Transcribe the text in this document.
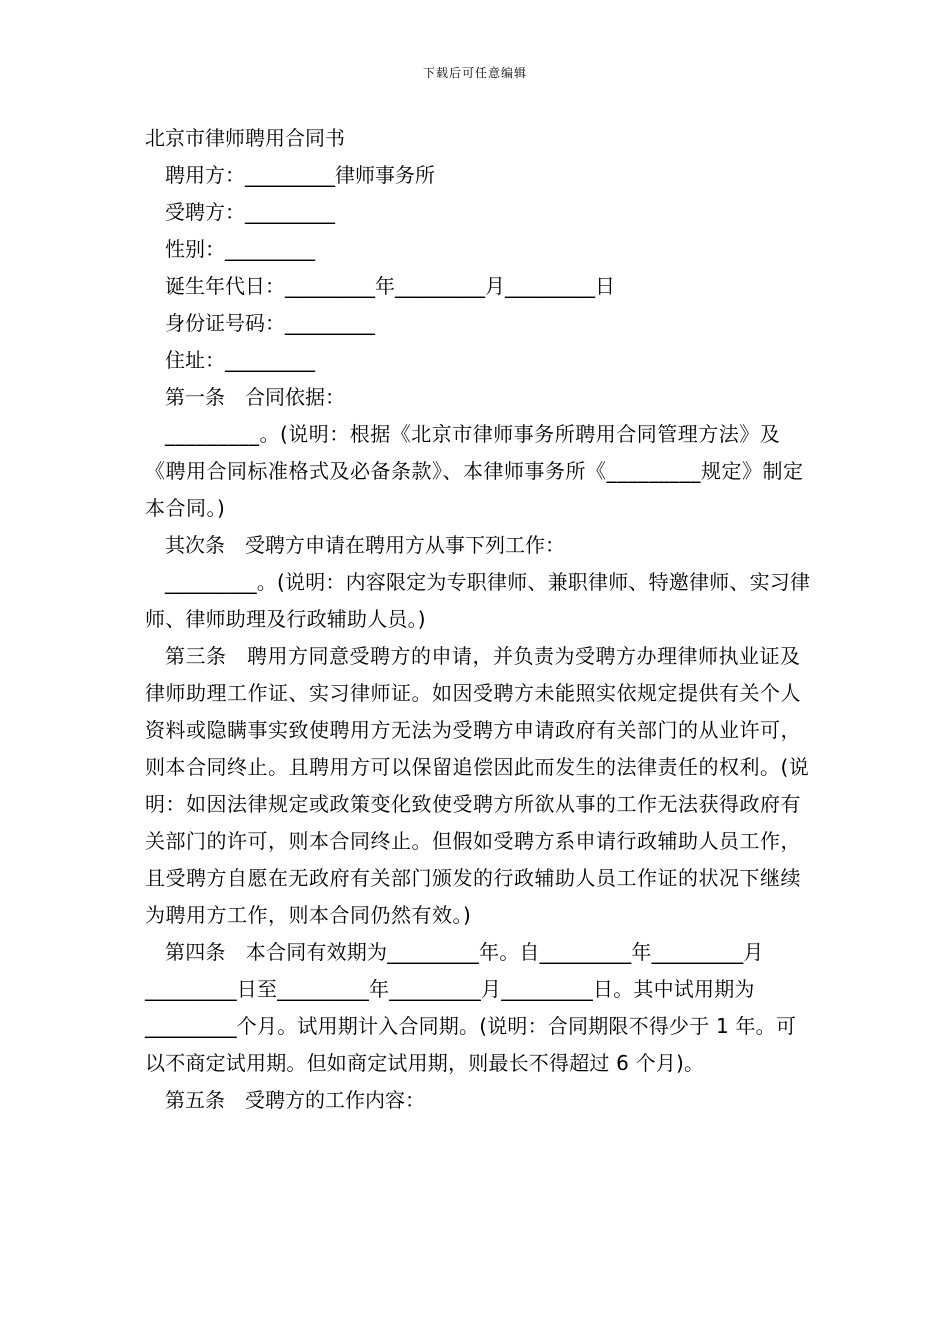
下载后可任意编辑

北京市律师聘用合同书

聘用方：_________律师事务所

受聘方：_________

性别：_________

诞生年代日：_________年_________月_________日

身份证号码：_________

住址：_________

第一条　合同依据：

_________。(说明：根据《北京市律师事务所聘用合同管理方法》及《聘用合同标准格式及必备条款》、本律师事务所《_________规定》制定本合同。)

其次条　受聘方申请在聘用方从事下列工作：

_________。(说明：内容限定为专职律师、兼职律师、特邀律师、实习律师、律师助理及行政辅助人员。)

第三条　聘用方同意受聘方的申请，并负责为受聘方办理律师执业证及律师助理工作证、实习律师证。如因受聘方未能照实依规定提供有关个人资料或隐瞒事实致使聘用方无法为受聘方申请政府有关部门的从业许可，则本合同终止。且聘用方可以保留追偿因此而发生的法律责任的权利。(说明：如因法律规定或政策变化致使受聘方所欲从事的工作无法获得政府有关部门的许可，则本合同终止。但假如受聘方系申请行政辅助人员工作，且受聘方自愿在无政府有关部门颁发的行政辅助人员工作证的状况下继续为聘用方工作，则本合同仍然有效。)

第四条　本合同有效期为_________年。自_________年_________月_________日至_________年_________月_________日。其中试用期为_________个月。试用期计入合同期。(说明：合同期限不得少于 1 年。可以不商定试用期。但如商定试用期，则最长不得超过 6 个月)。

第五条　受聘方的工作内容：
